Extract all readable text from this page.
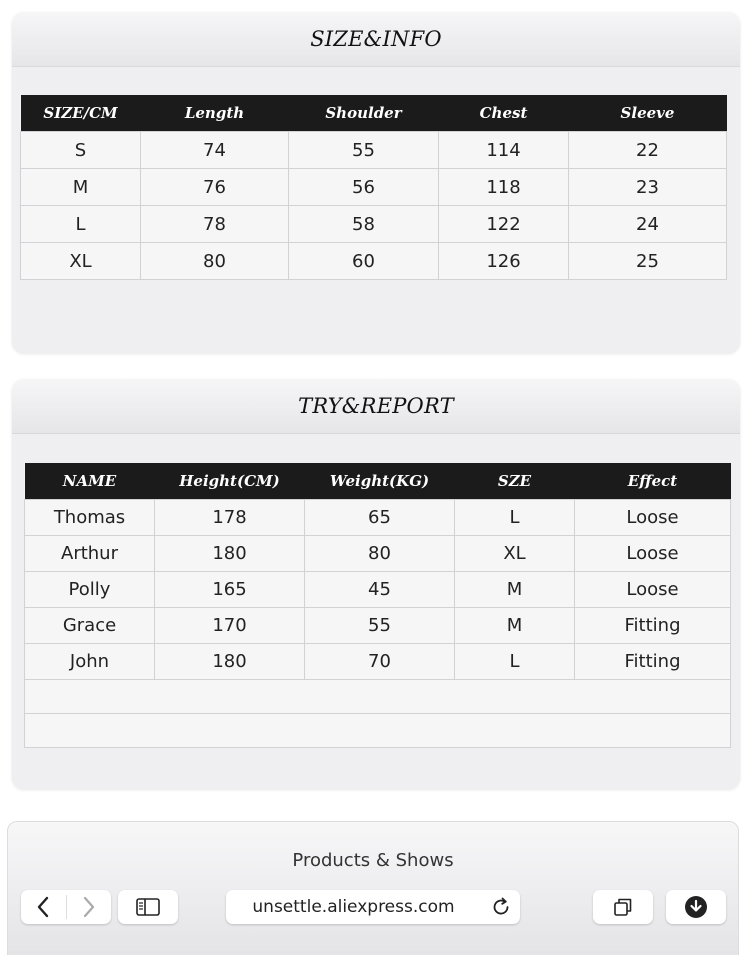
SIZE&INFO
SIZE/CM	Length	Shoulder	Chest	Sleeve
S	74	55	114	22
M	76	56	118	23
L	78	58	122	24
XL	80	60	126	25
TRY&REPORT
NAME	Height(CM)	Weight(KG)	SZE	Effect
Thomas	178	65	L	Loose
Arthur	180	80	XL	Loose
Polly	165	45	M	Loose
Grace	170	55	M	Fitting
John	180	70	L	Fitting

Products & Shows
unsettle.aliexpress.com
